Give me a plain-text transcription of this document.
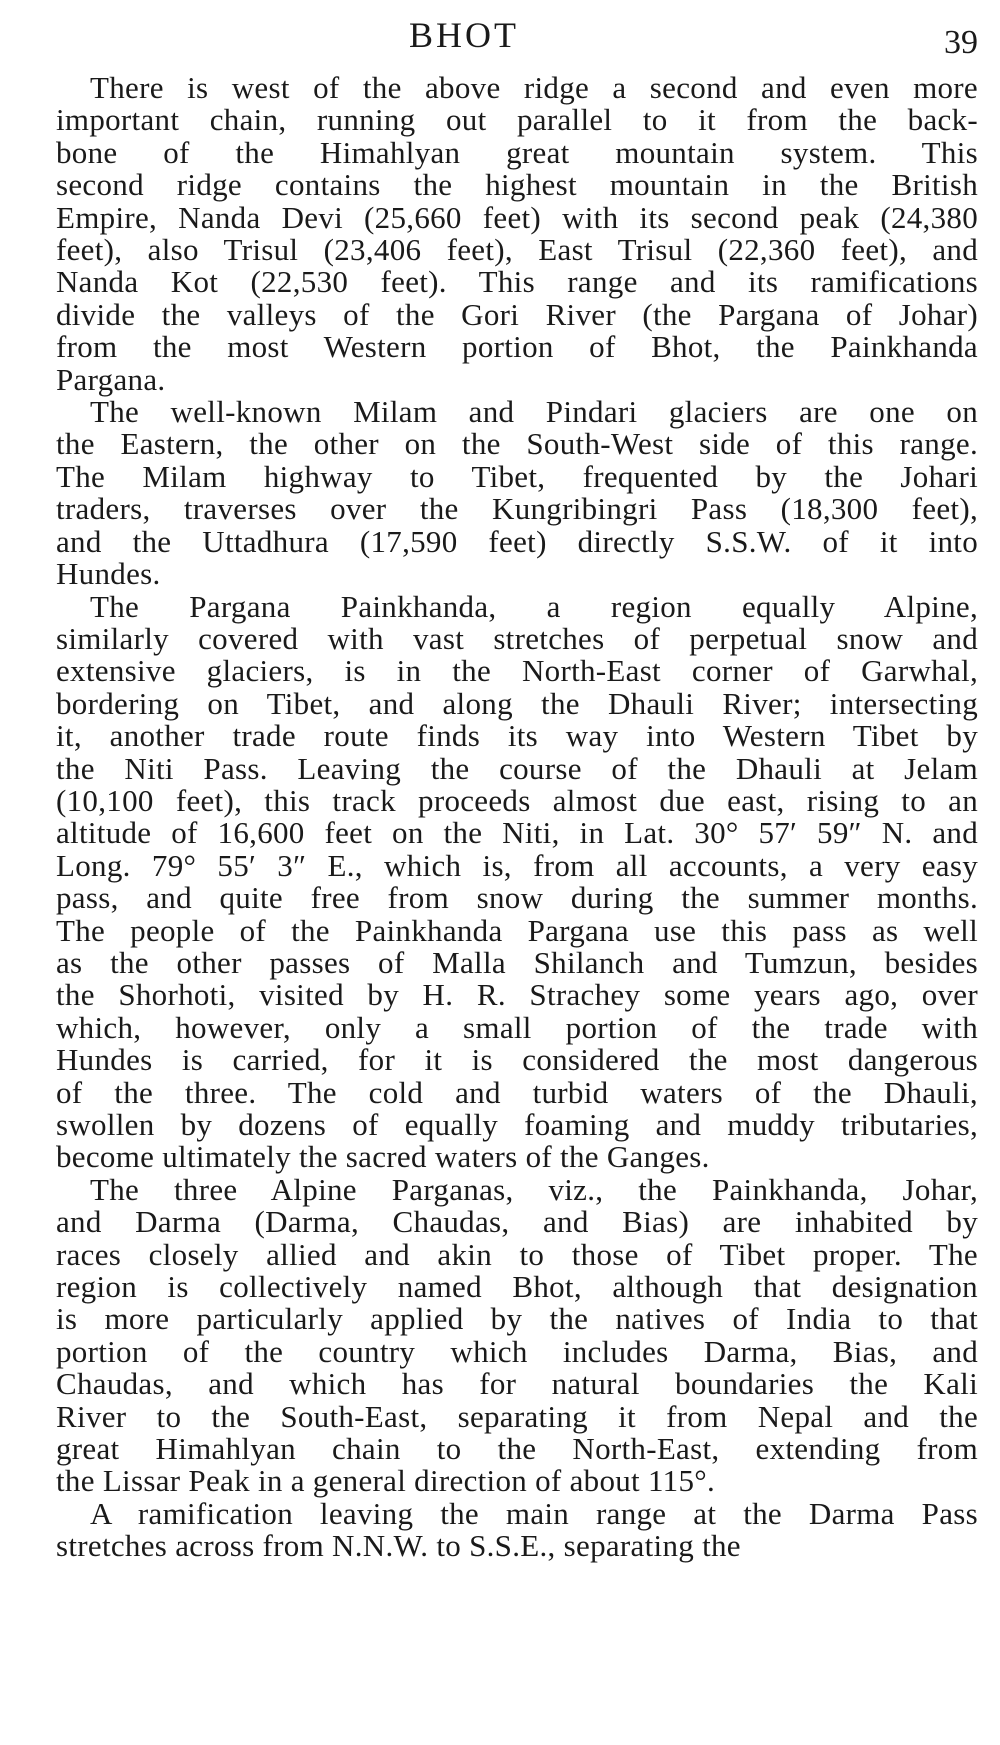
BHOT	39
There is west of the above ridge a second and even more
important chain, running out parallel to it from the back-
bone of the Himahlyan great mountain system. This
second ridge contains the highest mountain in the British
Empire, Nanda Devi (25,660 feet) with its second peak (24,380
feet), also Trisul (23,406 feet), East Trisul (22,360 feet), and
Nanda Kot (22,530 feet). This range and its ramifications
divide the valleys of the Gori River (the Pargana of Johar)
from the most Western portion of Bhot, the Painkhanda
Pargana.
The well-known Milam and Pindari glaciers are one on
the Eastern, the other on the South-West side of this range.
The Milam highway to Tibet, frequented by the Johari
traders, traverses over the Kungribingri Pass (18,300 feet),
and the Uttadhura (17,590 feet) directly S.S.W. of it into
Hundes.
The Pargana Painkhanda, a region equally Alpine,
similarly covered with vast stretches of perpetual snow and
extensive glaciers, is in the North-East corner of Garwhal,
bordering on Tibet, and along the Dhauli River; intersecting
it, another trade route finds its way into Western Tibet by
the Niti Pass. Leaving the course of the Dhauli at Jelam
(10,100 feet), this track proceeds almost due east, rising to an
altitude of 16,600 feet on the Niti, in Lat. 30° 57′ 59″ N. and
Long. 79° 55′ 3″ E., which is, from all accounts, a very easy
pass, and quite free from snow during the summer months.
The people of the Painkhanda Pargana use this pass as well
as the other passes of Malla Shilanch and Tumzun, besides
the Shorhoti, visited by H. R. Strachey some years ago, over
which, however, only a small portion of the trade with
Hundes is carried, for it is considered the most dangerous
of the three. The cold and turbid waters of the Dhauli,
swollen by dozens of equally foaming and muddy tributaries,
become ultimately the sacred waters of the Ganges.
The three Alpine Parganas, viz., the Painkhanda, Johar,
and Darma (Darma, Chaudas, and Bias) are inhabited by
races closely allied and akin to those of Tibet proper. The
region is collectively named Bhot, although that designation
is more particularly applied by the natives of India to that
portion of the country which includes Darma, Bias, and
Chaudas, and which has for natural boundaries the Kali
River to the South-East, separating it from Nepal and the
great Himahlyan chain to the North-East, extending from
the Lissar Peak in a general direction of about 115°.
A ramification leaving the main range at the Darma Pass
stretches across from N.N.W. to S.S.E., separating the
